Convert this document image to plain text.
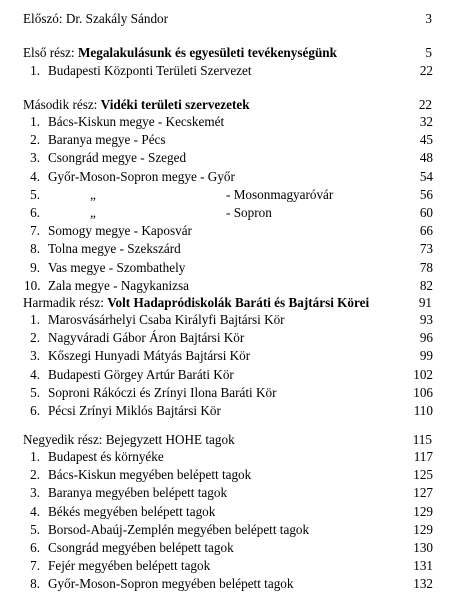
Előszó: Dr. Szakály Sándor	3
Első rész: Megalakulásunk és egyesületi tevékenységünk	5
1. Budapesti Központi Területi Szervezet	22
Második rész: Vidéki területi szervezetek	22
1. Bács-Kiskun megye - Kecskemét	32
2. Baranya megye - Pécs	45
3. Csongrád megye - Szeged	48
4. Győr-Moson-Sopron megye - Győr	54
5.	„	- Mosonmagyaróvár	56
6.	„	- Sopron	60
7. Somogy megye - Kaposvár	66
8. Tolna megye - Szekszárd	73
9. Vas megye - Szombathely	78
10. Zala megye - Nagykanizsa	82
Harmadik rész: Volt Hadapródiskolák Baráti és Bajtársi Körei	91
1. Marosvásárhelyi Csaba Királyfi Bajtársi Kör	93
2. Nagyváradi Gábor Áron Bajtársi Kör	96
3. Kőszegi Hunyadi Mátyás Bajtársi Kör	99
4. Budapesti Görgey Artúr Baráti Kör	102
5. Soproni Rákóczi és Zrínyi Ilona Baráti Kör	106
6. Pécsi Zrínyi Miklós Bajtársi Kör	110
Negyedik rész: Bejegyzett HOHE tagok	115
1. Budapest és környéke	117
2. Bács-Kiskun megyében belépett tagok	125
3. Baranya megyében belépett tagok	127
4. Békés megyében belépett tagok	129
5. Borsod-Abaúj-Zemplén megyében belépett tagok	129
6. Csongrád megyében belépett tagok	130
7. Fejér megyében belépett tagok	131
8. Győr-Moson-Sopron megyében belépett tagok	132
